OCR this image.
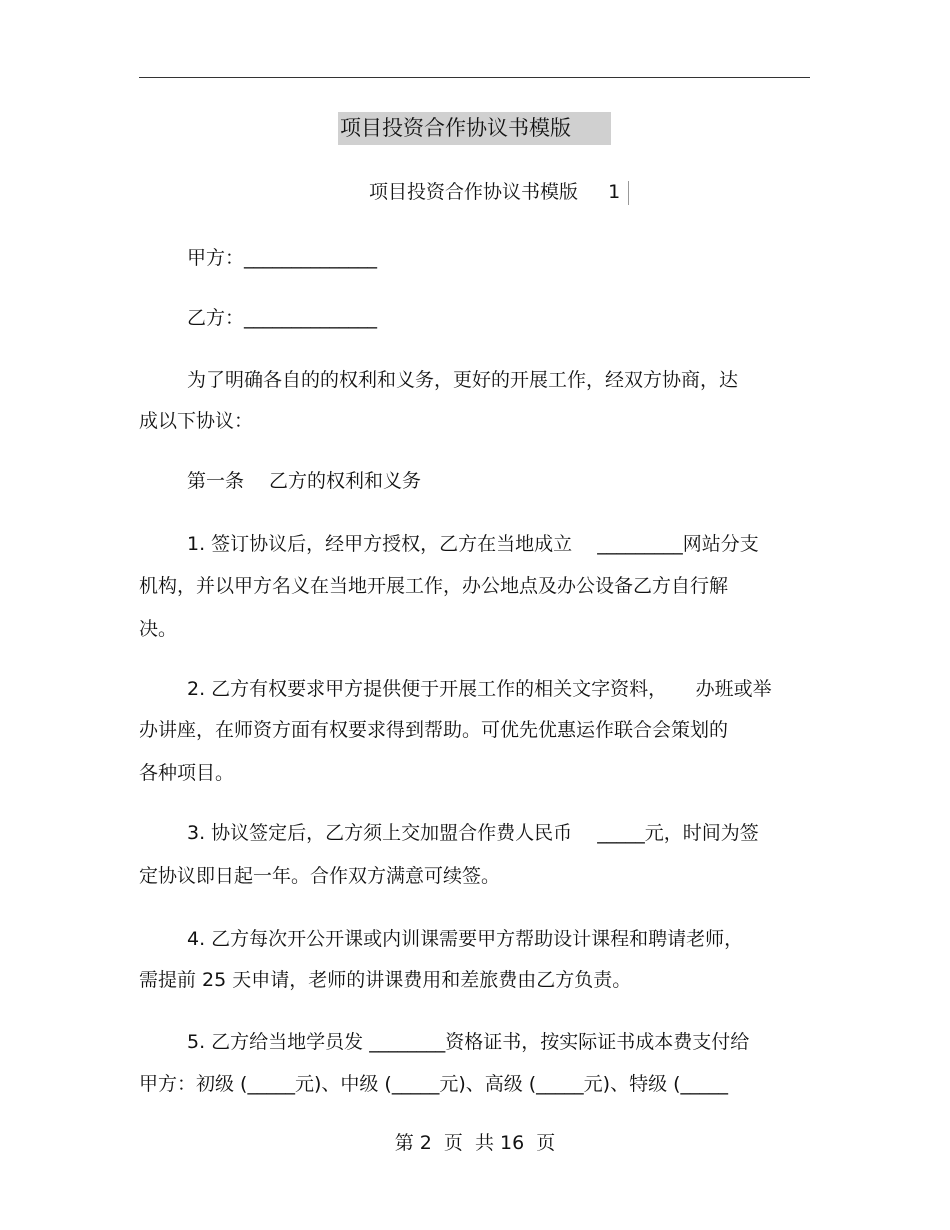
项目投资合作协议书模版
项目投资合作协议书模版 1
甲方：______________
乙方：______________
为了明确各自的的权利和义务，更好的开展工作，经双方协商，达
成以下协议：
第一条　 乙方的权利和义务
1. 签订协议后，经甲方授权，乙方在当地成立　 _________网站分支
机构，并以甲方名义在当地开展工作，办公地点及办公设备乙方自行解
决。
2. 乙方有权要求甲方提供便于开展工作的相关文字资料，　　办班或举
办讲座，在师资方面有权要求得到帮助。可优先优惠运作联合会策划的
各种项目。
3. 协议签定后，乙方须上交加盟合作费人民币　 _____元，时间为签
定协议即日起一年。合作双方满意可续签。
4. 乙方每次开公开课或内训课需要甲方帮助设计课程和聘请老师，
需提前 25 天申请，老师的讲课费用和差旅费由乙方负责。
5. 乙方给当地学员发 ________资格证书，按实际证书成本费支付给
甲方：初级 (_____元)、中级 (_____元)、高级 (_____元)、特级 (_____
第 2  页  共 16  页
